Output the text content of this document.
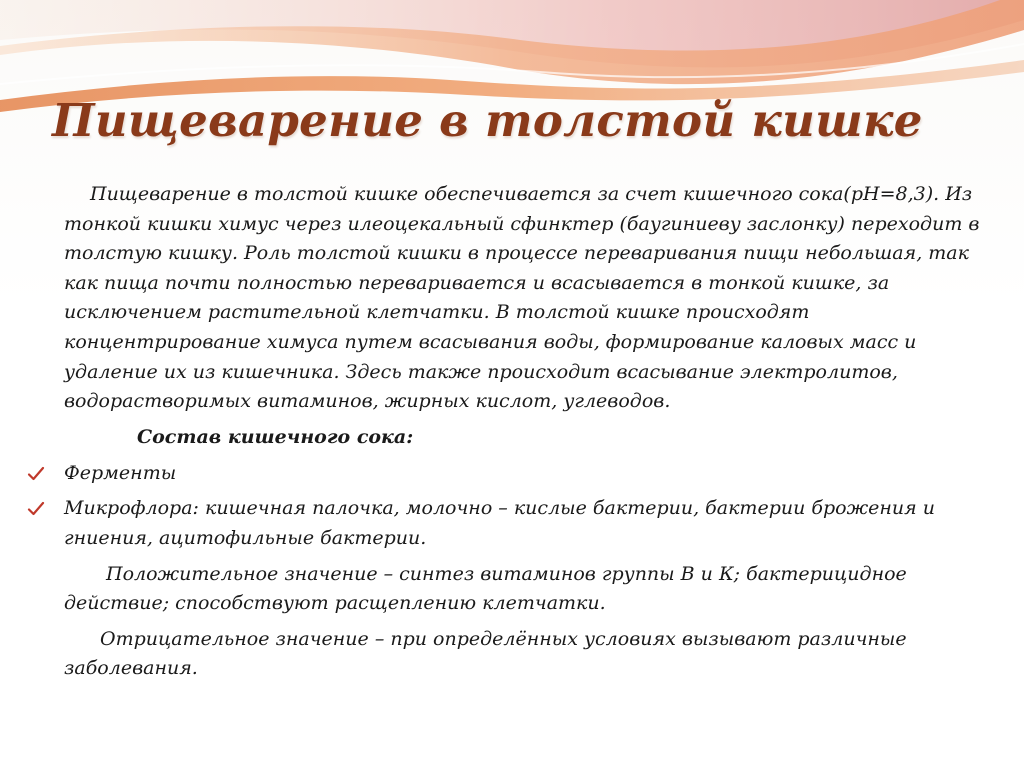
Пищеварение в толстой кишке

Пищеварение в толстой кишке обеспечивается за счет кишечного сока(pH=8,3). Из тонкой кишки химус через илеоцекальный сфинктер (баугиниеву заслонку) переходит в толстую кишку. Роль толстой кишки в процессе переваривания пищи небольшая, так как пища почти полностью переваривается и всасывается в тонкой кишке, за исключением растительной клетчатки. В толстой кишке происходят концентрирование химуса путем всасывания воды, формирование каловых масс и удаление их из кишечника. Здесь также происходит всасывание электролитов, водорастворимых витаминов, жирных кислот, углеводов.

Состав кишечного сока:

Ферменты
Микрофлора: кишечная палочка, молочно – кислые бактерии, бактерии брожения и гниения, ацитофильные бактерии.

Положительное значение – синтез витаминов группы В и К; бактерицидное действие; способствуют расщеплению клетчатки.

Отрицательное значение – при определённых условиях вызывают различные заболевания.
